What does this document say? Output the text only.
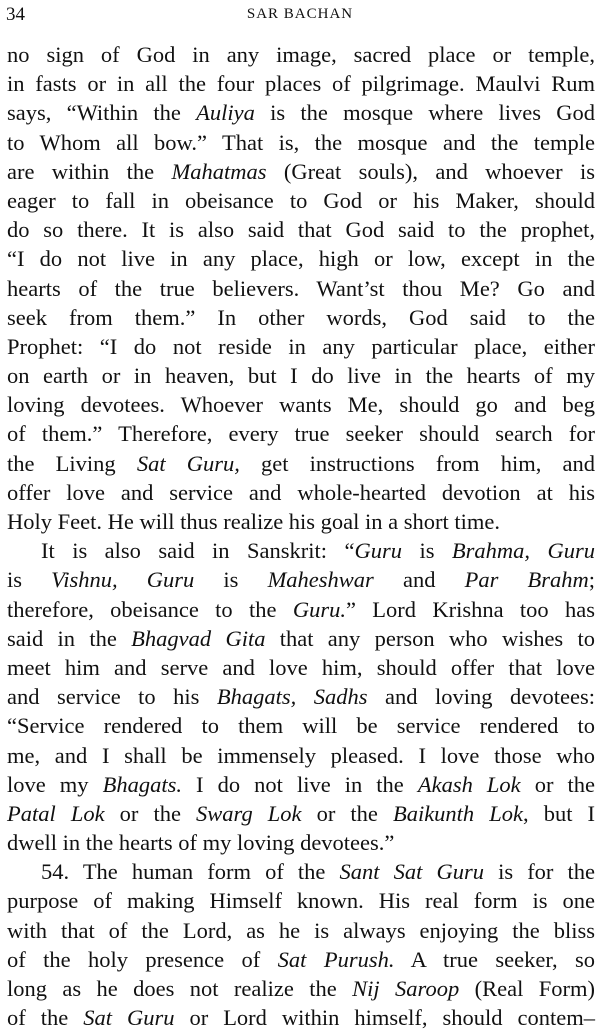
34	SAR BACHAN
no sign of God in any image, sacred place or temple,
in fasts or in all the four places of pilgrimage. Maulvi Rum
says, “Within the Auliya is the mosque where lives God
to Whom all bow.” That is, the mosque and the temple
are within the Mahatmas (Great souls), and whoever is
eager to fall in obeisance to God or his Maker, should
do so there. It is also said that God said to the prophet,
“I do not live in any place, high or low, except in the
hearts of the true believers. Want’st thou Me? Go and
seek from them.” In other words, God said to the
Prophet: “I do not reside in any particular place, either
on earth or in heaven, but I do live in the hearts of my
loving devotees. Whoever wants Me, should go and beg
of them.” Therefore, every true seeker should search for
the Living Sat Guru, get instructions from him, and
offer love and service and whole-hearted devotion at his
Holy Feet. He will thus realize his goal in a short time.
It is also said in Sanskrit: “Guru is Brahma, Guru
is Vishnu, Guru is Maheshwar and Par Brahm;
therefore, obeisance to the Guru.” Lord Krishna too has
said in the Bhagvad Gita that any person who wishes to
meet him and serve and love him, should offer that love
and service to his Bhagats, Sadhs and loving devotees:
“Service rendered to them will be service rendered to
me, and I shall be immensely pleased. I love those who
love my Bhagats. I do not live in the Akash Lok or the
Patal Lok or the Swarg Lok or the Baikunth Lok, but I
dwell in the hearts of my loving devotees.”
54. The human form of the Sant Sat Guru is for the
purpose of making Himself known. His real form is one
with that of the Lord, as he is always enjoying the bliss
of the holy presence of Sat Purush. A true seeker, so
long as he does not realize the Nij Saroop (Real Form)
of the Sat Guru or Lord within himself, should contem–
